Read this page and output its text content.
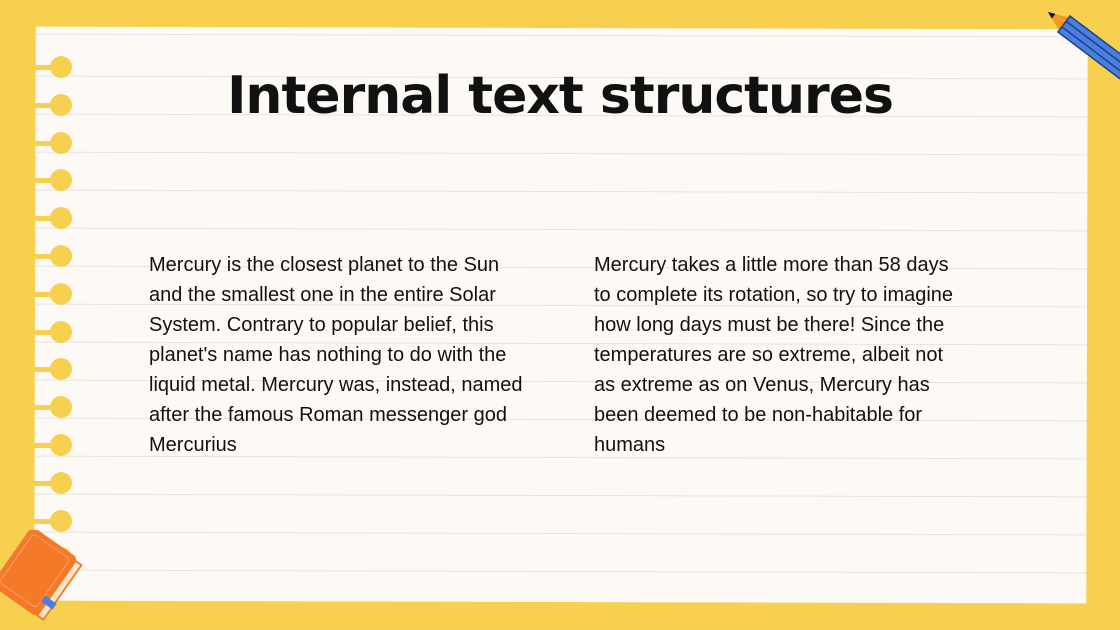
Internal text structures
Mercury is the closest planet to the Sun and the smallest one in the entire Solar System. Contrary to popular belief, this planet's name has nothing to do with the liquid metal. Mercury was, instead, named after the famous Roman messenger god Mercurius
Mercury takes a little more than 58 days to complete its rotation, so try to imagine how long days must be there! Since the temperatures are so extreme, albeit not as extreme as on Venus, Mercury has been deemed to be non-habitable for humans
